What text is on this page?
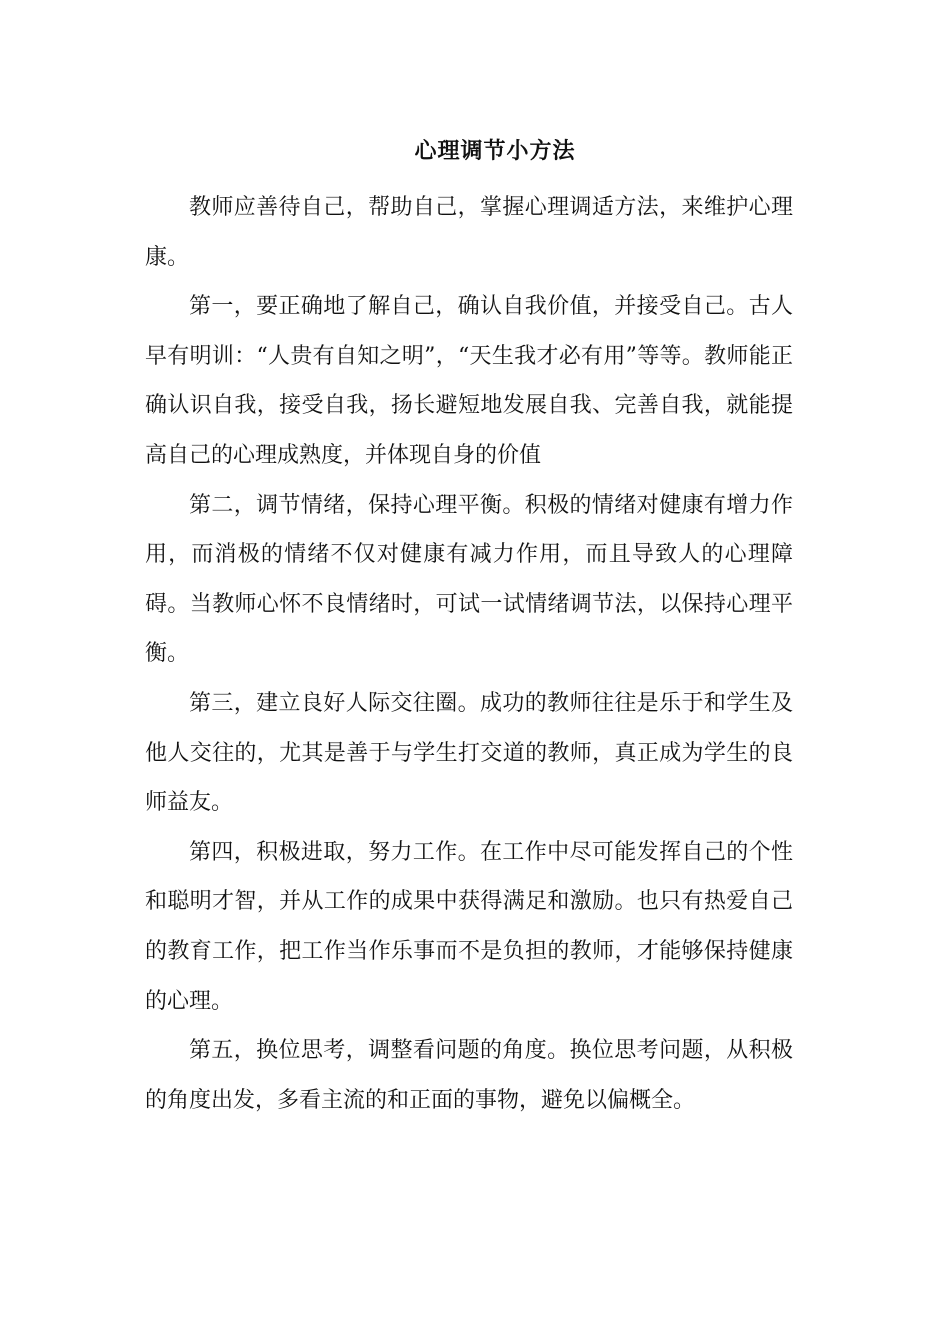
心理调节小方法

教师应善待自己，帮助自己，掌握心理调适方法，来维护心理康。

第一，要正确地了解自己，确认自我价值，并接受自己。古人早有明训：“人贵有自知之明”，“天生我才必有用”等等。教师能正确认识自我，接受自我，扬长避短地发展自我、完善自我，就能提高自己的心理成熟度，并体现自身的价值

第二，调节情绪，保持心理平衡。积极的情绪对健康有增力作用，而消极的情绪不仅对健康有减力作用，而且导致人的心理障碍。当教师心怀不良情绪时，可试一试情绪调节法，以保持心理平衡。

第三，建立良好人际交往圈。成功的教师往往是乐于和学生及他人交往的，尤其是善于与学生打交道的教师，真正成为学生的良师益友。

第四，积极进取，努力工作。在工作中尽可能发挥自己的个性和聪明才智，并从工作的成果中获得满足和激励。也只有热爱自己的教育工作，把工作当作乐事而不是负担的教师，才能够保持健康的心理。

第五，换位思考，调整看问题的角度。换位思考问题，从积极的角度出发，多看主流的和正面的事物，避免以偏概全。
